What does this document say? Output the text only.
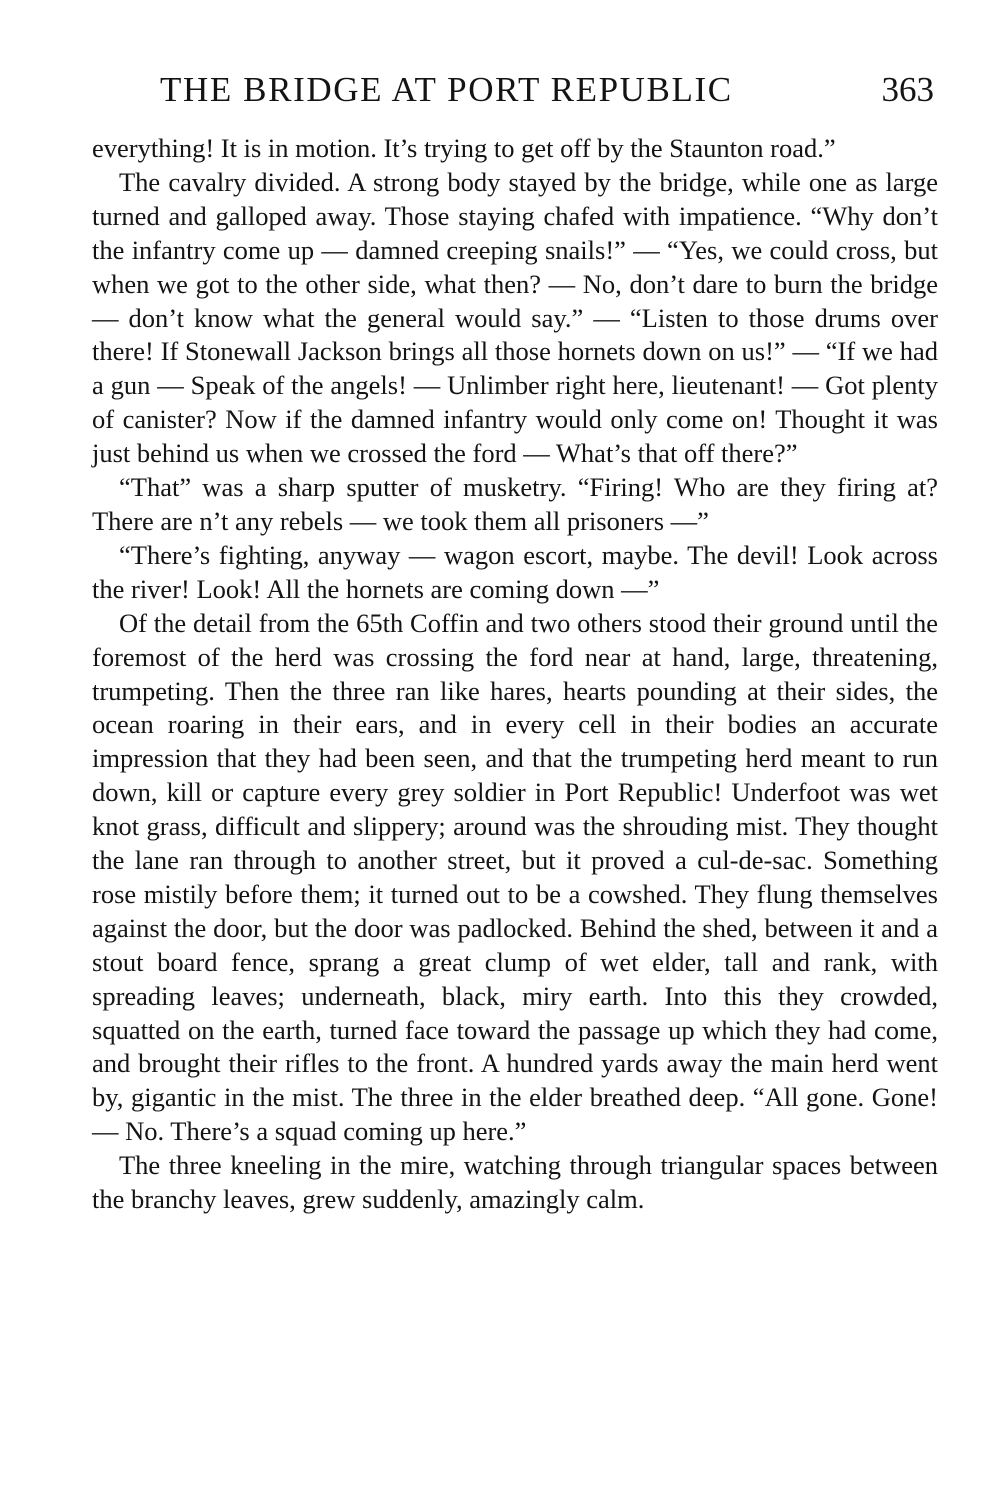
THE BRIDGE AT PORT REPUBLIC	363

everything! It is in motion. It’s trying to get off by the Staunton road.”

The cavalry divided. A strong body stayed by the bridge, while one as large turned and galloped away. Those staying chafed with impatience. “Why don’t the infantry come up — damned creeping snails!” — “Yes, we could cross, but when we got to the other side, what then? — No, don’t dare to burn the bridge — don’t know what the general would say.” — “Listen to those drums over there! If Stonewall Jackson brings all those hornets down on us!” — “If we had a gun — Speak of the angels! — Unlimber right here, lieutenant! — Got plenty of canister? Now if the damned infantry would only come on! Thought it was just behind us when we crossed the ford — What’s that off there?”

“That” was a sharp sputter of musketry. “Firing! Who are they firing at? There are n’t any rebels — we took them all prisoners —”

“There’s fighting, anyway — wagon escort, maybe. The devil! Look across the river! Look! All the hornets are coming down —”

Of the detail from the 65th Coffin and two others stood their ground until the foremost of the herd was crossing the ford near at hand, large, threatening, trumpeting. Then the three ran like hares, hearts pounding at their sides, the ocean roaring in their ears, and in every cell in their bodies an accurate impression that they had been seen, and that the trumpeting herd meant to run down, kill or capture every grey soldier in Port Republic! Underfoot was wet knot grass, difficult and slippery; around was the shrouding mist. They thought the lane ran through to another street, but it proved a cul-de-sac. Something rose mistily before them; it turned out to be a cowshed. They flung themselves against the door, but the door was padlocked. Behind the shed, between it and a stout board fence, sprang a great clump of wet elder, tall and rank, with spreading leaves; underneath, black, miry earth. Into this they crowded, squatted on the earth, turned face toward the passage up which they had come, and brought their rifles to the front. A hundred yards away the main herd went by, gigantic in the mist. The three in the elder breathed deep. “All gone. Gone! — No. There’s a squad coming up here.”

The three kneeling in the mire, watching through triangular spaces between the branchy leaves, grew suddenly, amazingly calm.
